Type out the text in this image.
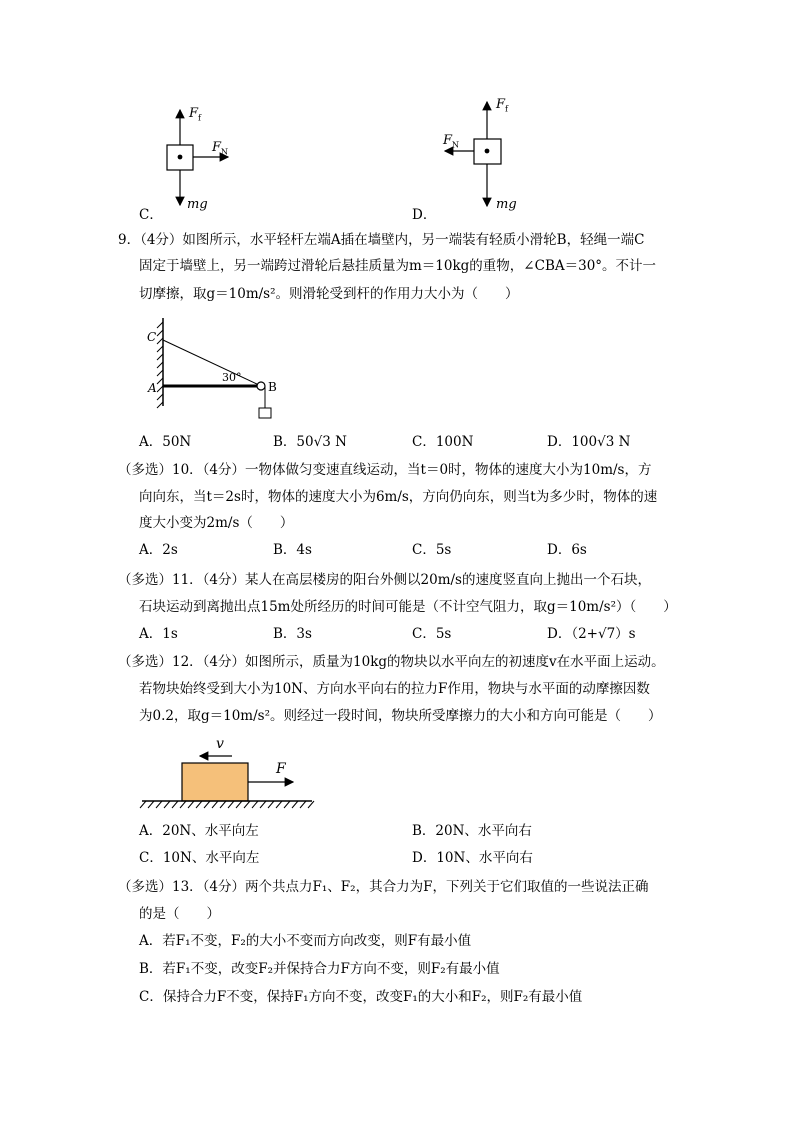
$F_f$
$F_N$
mg
C．
$F_f$
$F_N$
mg
D．
9．（4分）如图所示，水平轻杆左端A插在墙壁内，另一端装有轻质小滑轮B，轻绳一端C
固定于墙壁上，另一端跨过滑轮后悬挂质量为m＝10kg的重物，∠CBA＝30°。不计一
切摩擦，取g＝10m/s²。则滑轮受到杆的作用力大小为（　　）
C
A	B
30°
A．50N	B．50√3 N	C．100N	D．100√3 N
（多选）10．（4分）一物体做匀变速直线运动，当t＝0时，物体的速度大小为10m/s，方
向向东，当t＝2s时，物体的速度大小为6m/s，方向仍向东，则当t为多少时，物体的速
度大小变为2m/s（　　）
A．2s	B．4s	C．5s	D．6s
（多选）11．（4分）某人在高层楼房的阳台外侧以20m/s的速度竖直向上抛出一个石块，
石块运动到离抛出点15m处所经历的时间可能是（不计空气阻力，取g＝10m/s²）（　　）
A．1s	B．3s	C．5s	D．（2+√7）s
（多选）12．（4分）如图所示，质量为10kg的物块以水平向左的初速度v在水平面上运动。
若物块始终受到大小为10N、方向水平向右的拉力F作用，物块与水平面的动摩擦因数
为0.2，取g＝10m/s²。则经过一段时间，物块所受摩擦力的大小和方向可能是（　　）
v
F
A．20N、水平向左	B．20N、水平向右
C．10N、水平向左	D．10N、水平向右
（多选）13．（4分）两个共点力F₁、F₂，其合力为F，下列关于它们取值的一些说法正确
的是（　　）
A．若F₁不变，F₂的大小不变而方向改变，则F有最小值
B．若F₁不变，改变F₂并保持合力F方向不变，则F₂有最小值
C．保持合力F不变，保持F₁方向不变，改变F₁的大小和F₂，则F₂有最小值
